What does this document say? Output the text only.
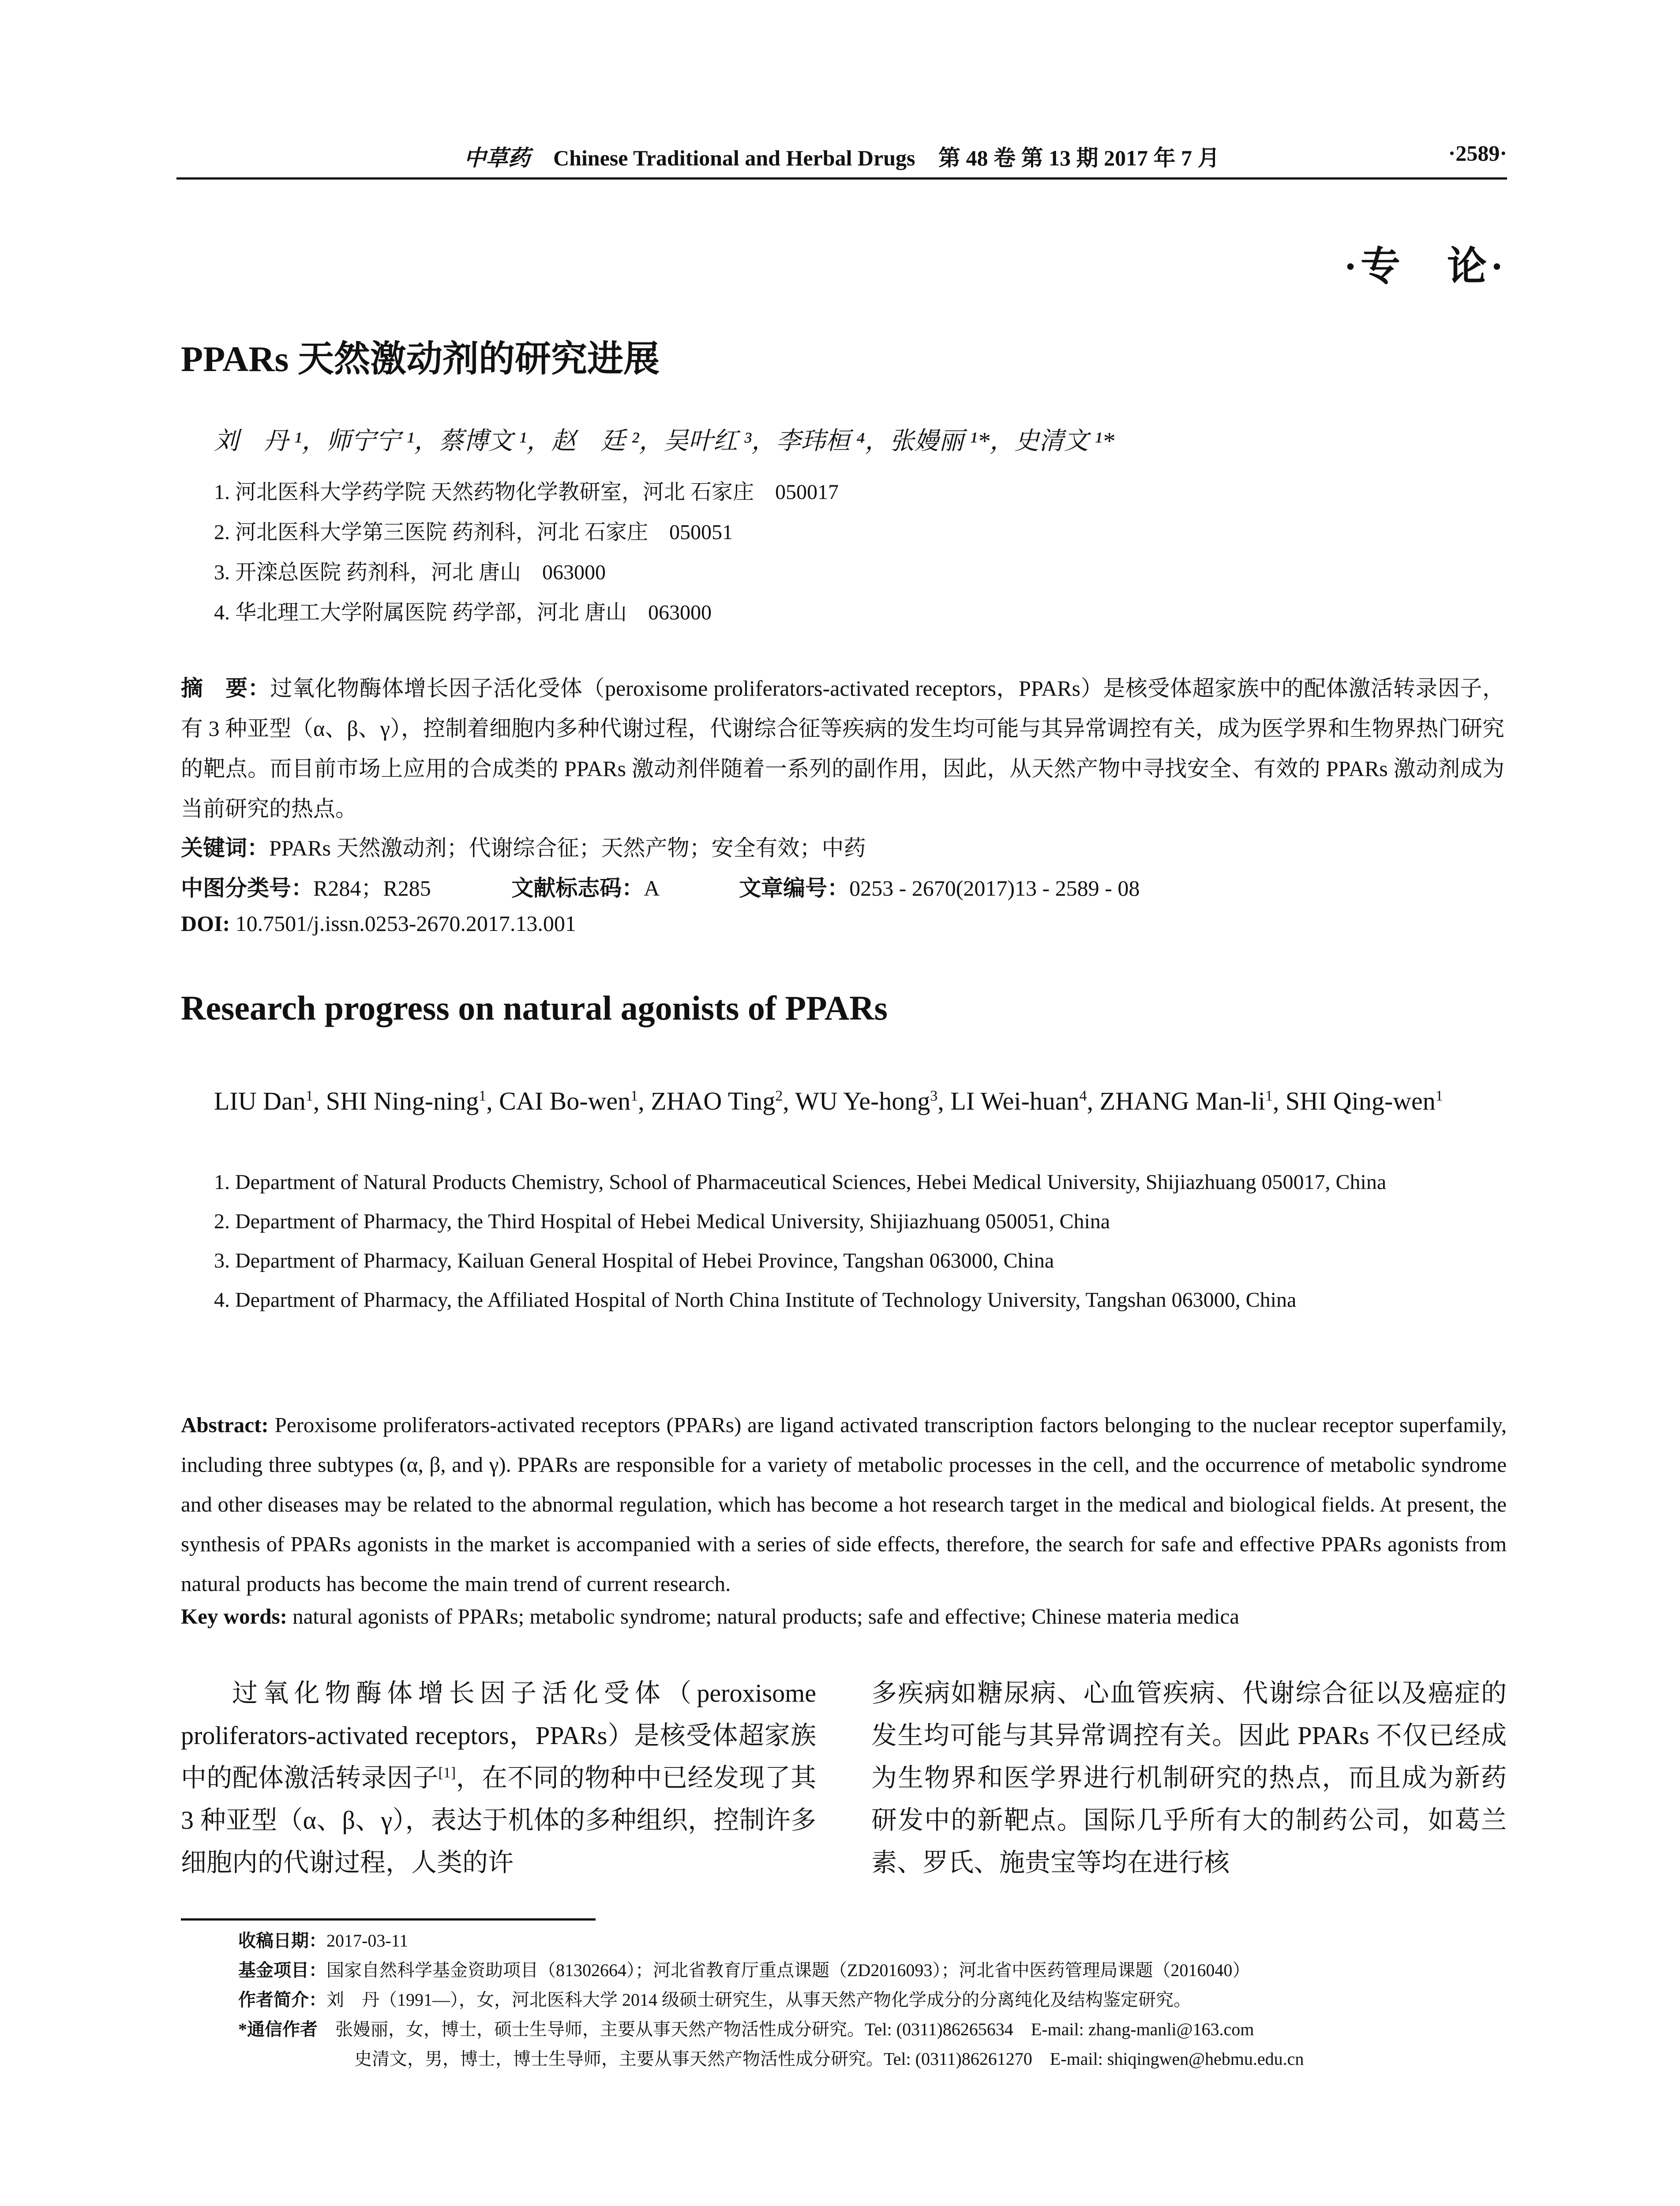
中草药 Chinese Traditional and Herbal Drugs 第 48 卷 第 13 期 2017 年 7 月	·2589·
·专　论·
PPARs 天然激动剂的研究进展
刘　丹 ¹，师宁宁 ¹，蔡博文 ¹，赵　廷 ²，吴叶红 ³，李玮桓 ⁴，张嫚丽 ¹*，史清文 ¹*
1. 河北医科大学药学院 天然药物化学教研室，河北 石家庄　050017
2. 河北医科大学第三医院 药剂科，河北 石家庄　050051
3. 开滦总医院 药剂科，河北 唐山　063000
4. 华北理工大学附属医院 药学部，河北 唐山　063000
摘　要：过氧化物酶体增长因子活化受体（peroxisome proliferators-activated receptors，PPARs）是核受体超家族中的配体激活转录因子，有 3 种亚型（α、β、γ），控制着细胞内多种代谢过程，代谢综合征等疾病的发生均可能与其异常调控有关，成为医学界和生物界热门研究的靶点。而目前市场上应用的合成类的 PPARs 激动剂伴随着一系列的副作用，因此，从天然产物中寻找安全、有效的 PPARs 激动剂成为当前研究的热点。
关键词：PPARs 天然激动剂；代谢综合征；天然产物；安全有效；中药
中图分类号：R284；R285	文献标志码：A	文章编号：0253 - 2670(2017)13 - 2589 - 08
DOI: 10.7501/j.issn.0253-2670.2017.13.001
Research progress on natural agonists of PPARs
LIU Dan$^1$, SHI Ning-ning$^1$, CAI Bo-wen$^1$, ZHAO Ting$^2$, WU Ye-hong$^3$, LI Wei-huan$^4$, ZHANG Man-$li^1$, SHI Qing-wen$^1$
1. Department of Natural Products Chemistry, School of Pharmaceutical Sciences, Hebei Medical University, Shijiazhuang 050017, China
2. Department of Pharmacy, the Third Hospital of Hebei Medical University, Shijiazhuang 050051, China
3. Department of Pharmacy, Kailuan General Hospital of Hebei Province, Tangshan 063000, China
4. Department of Pharmacy, the Affiliated Hospital of North China Institute of Technology University, Tangshan 063000, China
Abstract: Peroxisome proliferators-activated receptors (PPARs) are ligand activated transcription factors belonging to the nuclear receptor superfamily, including three subtypes (α, β, and γ). PPARs are responsible for a variety of metabolic processes in the cell, and the occurrence of metabolic syndrome and other diseases may be related to the abnormal regulation, which has become a hot research target in the medical and biological fields. At present, the synthesis of PPARs agonists in the market is accompanied with a series of side effects, therefore, the search for safe and effective PPARs agonists from natural products has become the main trend of current research.
Key words: natural agonists of PPARs; metabolic syndrome; natural products; safe and effective; Chinese materia medica
过氧化物酶体增长因子活化受体（peroxisome proliferators-activated receptors，PPARs）是核受体超家族中的配体激活转录因子[1]，在不同的物种中已经发现了其 3 种亚型（α、β、γ），表达于机体的多种组织，控制许多细胞内的代谢过程，人类的许
多疾病如糖尿病、心血管疾病、代谢综合征以及癌症的发生均可能与其异常调控有关。因此 PPARs 不仅已经成为生物界和医学界进行机制研究的热点，而且成为新药研发中的新靶点。国际几乎所有大的制药公司，如葛兰素、罗氏、施贵宝等均在进行核
收稿日期：2017-03-11
基金项目：国家自然科学基金资助项目（81302664）；河北省教育厅重点课题（ZD2016093）；河北省中医药管理局课题（2016040）
作者简介：刘　丹（1991—），女，河北医科大学 2014 级硕士研究生，从事天然产物化学成分的分离纯化及结构鉴定研究。
*通信作者　 张嫚丽，女，博士，硕士生导师，主要从事天然产物活性成分研究。Tel: (0311)86265634　E-mail: zhang-manli@163.com
史清文，男，博士，博士生导师，主要从事天然产物活性成分研究。Tel: (0311)86261270　E-mail: shiqingwen@hebmu.edu.cn
